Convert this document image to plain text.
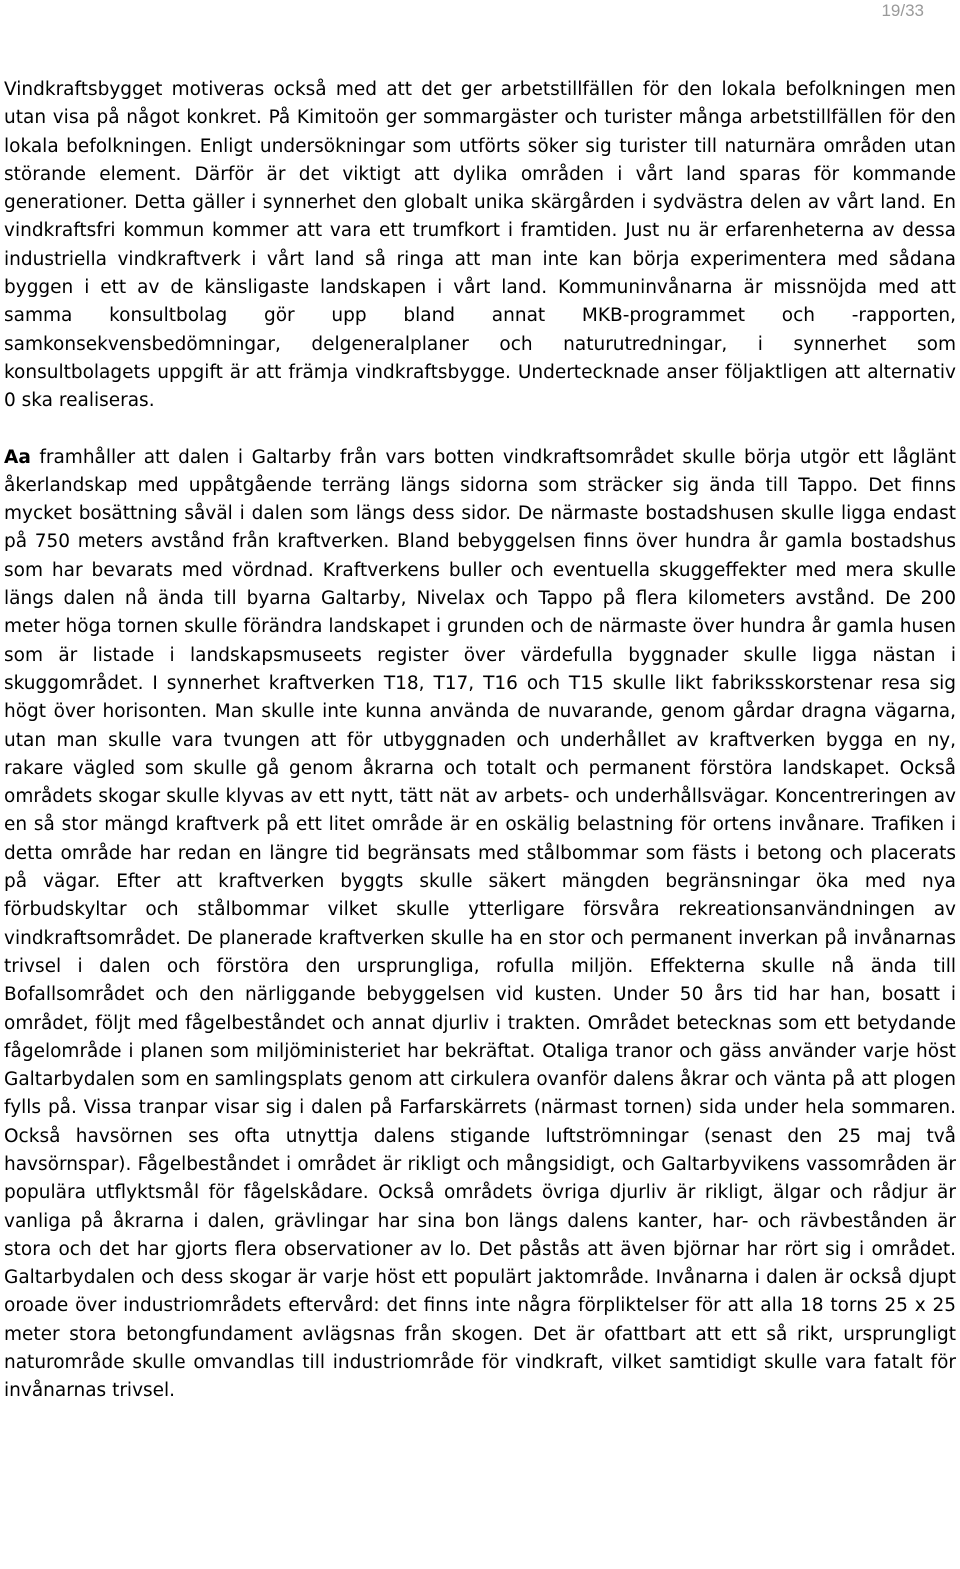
19/33

Vindkraftsbygget motiveras också med att det ger arbetstillfällen för den lokala befolkningen men utan visa på något konkret. På Kimitoön ger sommargäster och turister många arbetstillfällen för den lokala befolkningen. Enligt undersökningar som utförts söker sig turister till naturnära områden utan störande element. Därför är det viktigt att dylika områden i vårt land sparas för kommande generationer. Detta gäller i synnerhet den globalt unika skärgården i sydvästra delen av vårt land. En vindkraftsfri kommun kommer att vara ett trumfkort i framtiden. Just nu är erfarenheterna av dessa industriella vindkraftverk i vårt land så ringa att man inte kan börja experimentera med sådana byggen i ett av de känsligaste landskapen i vårt land. Kommuninvånarna är missnöjda med att samma konsultbolag gör upp bland annat MKB-programmet och -rapporten, samkonsekvensbedömningar, delgeneralplaner och naturutredningar, i synnerhet som konsultbolagets uppgift är att främja vindkraftsbygge. Undertecknade anser följaktligen att alternativ 0 ska realiseras.

Aa framhåller att dalen i Galtarby från vars botten vindkraftsområdet skulle börja utgör ett låglänt åkerlandskap med uppåtgående terräng längs sidorna som sträcker sig ända till Tappo. Det finns mycket bosättning såväl i dalen som längs dess sidor. De närmaste bostadshusen skulle ligga endast på 750 meters avstånd från kraftverken. Bland bebyggelsen finns över hundra år gamla bostadshus som har bevarats med vördnad. Kraftverkens buller och eventuella skuggeffekter med mera skulle längs dalen nå ända till byarna Galtarby, Nivelax och Tappo på flera kilometers avstånd. De 200 meter höga tornen skulle förändra landskapet i grunden och de närmaste över hundra år gamla husen som är listade i landskapsmuseets register över värdefulla byggnader skulle ligga nästan i skuggområdet. I synnerhet kraftverken T18, T17, T16 och T15 skulle likt fabriksskorstenar resa sig högt över horisonten. Man skulle inte kunna använda de nuvarande, genom gårdar dragna vägarna, utan man skulle vara tvungen att för utbyggnaden och underhållet av kraftverken bygga en ny, rakare vägled som skulle gå genom åkrarna och totalt och permanent förstöra landskapet. Också områdets skogar skulle klyvas av ett nytt, tätt nät av arbets- och underhållsvägar. Koncentreringen av en så stor mängd kraftverk på ett litet område är en oskälig belastning för ortens invånare. Trafiken i detta område har redan en längre tid begränsats med stålbommar som fästs i betong och placerats på vägar. Efter att kraftverken byggts skulle säkert mängden begränsningar öka med nya förbudskyltar och stålbommar vilket skulle ytterligare försvåra rekreationsanvändningen av vindkraftsområdet. De planerade kraftverken skulle ha en stor och permanent inverkan på invånarnas trivsel i dalen och förstöra den ursprungliga, rofulla miljön. Effekterna skulle nå ända till Bofallsområdet och den närliggande bebyggelsen vid kusten. Under 50 års tid har han, bosatt i området, följt med fågelbeståndet och annat djurliv i trakten. Området betecknas som ett betydande fågelområde i planen som miljöministeriet har bekräftat. Otaliga tranor och gäss använder varje höst Galtarbydalen som en samlingsplats genom att cirkulera ovanför dalens åkrar och vänta på att plogen fylls på. Vissa tranpar visar sig i dalen på Farfarskärrets (närmast tornen) sida under hela sommaren. Också havsörnen ses ofta utnyttja dalens stigande luftströmningar (senast den 25 maj två havsörnspar). Fågelbeståndet i området är rikligt och mångsidigt, och Galtarbyvikens vassområden är populära utflyktsmål för fågelskådare. Också områdets övriga djurliv är rikligt, älgar och rådjur är vanliga på åkrarna i dalen, grävlingar har sina bon längs dalens kanter, har- och rävbestånden är stora och det har gjorts flera observationer av lo. Det påstås att även björnar har rört sig i området. Galtarbydalen och dess skogar är varje höst ett populärt jaktområde. Invånarna i dalen är också djupt oroade över industriområdets eftervård: det finns inte några förpliktelser för att alla 18 torns 25 x 25 meter stora betongfundament avlägsnas från skogen. Det är ofattbart att ett så rikt, ursprungligt naturområde skulle omvandlas till industriområde för vindkraft, vilket samtidigt skulle vara fatalt för invånarnas trivsel.
